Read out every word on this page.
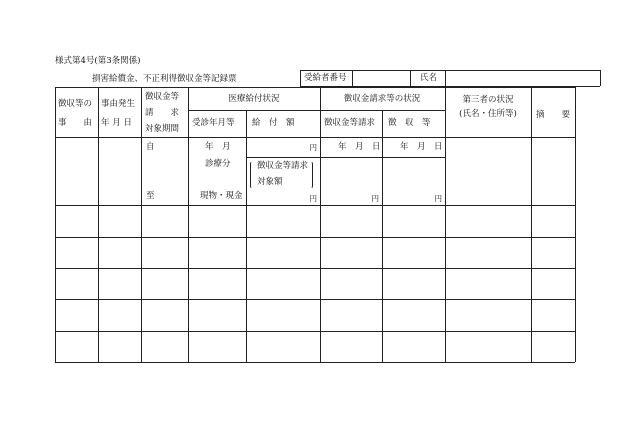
様式第4号(第3条関係)
損害給償金、不正利得徴収金等記録票	受給者番号	氏名
徴収等の
事　　由
事由発生
年 月 日
徴収金等
請　　求
対象期間
医療給付状況
受診年月等 給　付　額
徴収金請求等の状況
徴収金等請求 徴　収　等
第三者の状況
(氏名・住所等) 摘　　要
自
至
年　月
診療分
現物・現金
円
徴収金等請求
対象額
円
年　月　日
円
年　月　日
円
